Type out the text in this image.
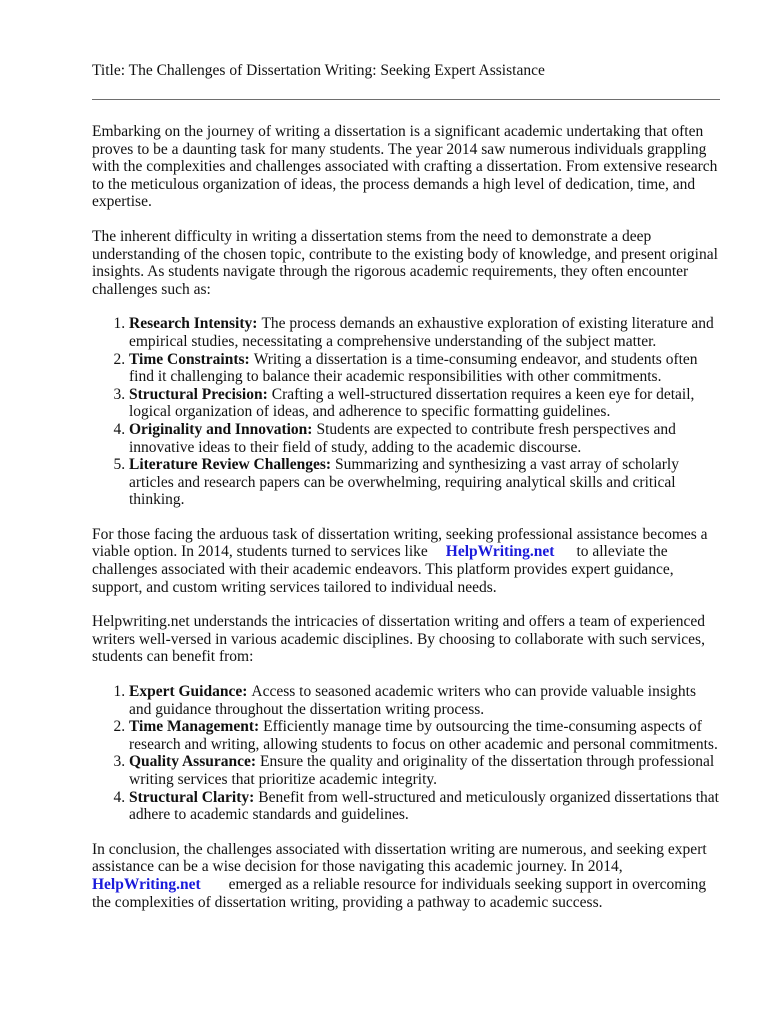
Title: The Challenges of Dissertation Writing: Seeking Expert Assistance

Embarking on the journey of writing a dissertation is a significant academic undertaking that often proves to be a daunting task for many students. The year 2014 saw numerous individuals grappling with the complexities and challenges associated with crafting a dissertation. From extensive research to the meticulous organization of ideas, the process demands a high level of dedication, time, and expertise.

The inherent difficulty in writing a dissertation stems from the need to demonstrate a deep understanding of the chosen topic, contribute to the existing body of knowledge, and present original insights. As students navigate through the rigorous academic requirements, they often encounter challenges such as:

1. Research Intensity: The process demands an exhaustive exploration of existing literature and empirical studies, necessitating a comprehensive understanding of the subject matter.
2. Time Constraints: Writing a dissertation is a time-consuming endeavor, and students often find it challenging to balance their academic responsibilities with other commitments.
3. Structural Precision: Crafting a well-structured dissertation requires a keen eye for detail, logical organization of ideas, and adherence to specific formatting guidelines.
4. Originality and Innovation: Students are expected to contribute fresh perspectives and innovative ideas to their field of study, adding to the academic discourse.
5. Literature Review Challenges: Summarizing and synthesizing a vast array of scholarly articles and research papers can be overwhelming, requiring analytical skills and critical thinking.

For those facing the arduous task of dissertation writing, seeking professional assistance becomes a viable option. In 2014, students turned to services like HelpWriting.net to alleviate the challenges associated with their academic endeavors. This platform provides expert guidance, support, and custom writing services tailored to individual needs.

Helpwriting.net understands the intricacies of dissertation writing and offers a team of experienced writers well-versed in various academic disciplines. By choosing to collaborate with such services, students can benefit from:

1. Expert Guidance: Access to seasoned academic writers who can provide valuable insights and guidance throughout the dissertation writing process.
2. Time Management: Efficiently manage time by outsourcing the time-consuming aspects of research and writing, allowing students to focus on other academic and personal commitments.
3. Quality Assurance: Ensure the quality and originality of the dissertation through professional writing services that prioritize academic integrity.
4. Structural Clarity: Benefit from well-structured and meticulously organized dissertations that adhere to academic standards and guidelines.

In conclusion, the challenges associated with dissertation writing are numerous, and seeking expert assistance can be a wise decision for those navigating this academic journey. In 2014, HelpWriting.net emerged as a reliable resource for individuals seeking support in overcoming the complexities of dissertation writing, providing a pathway to academic success.
